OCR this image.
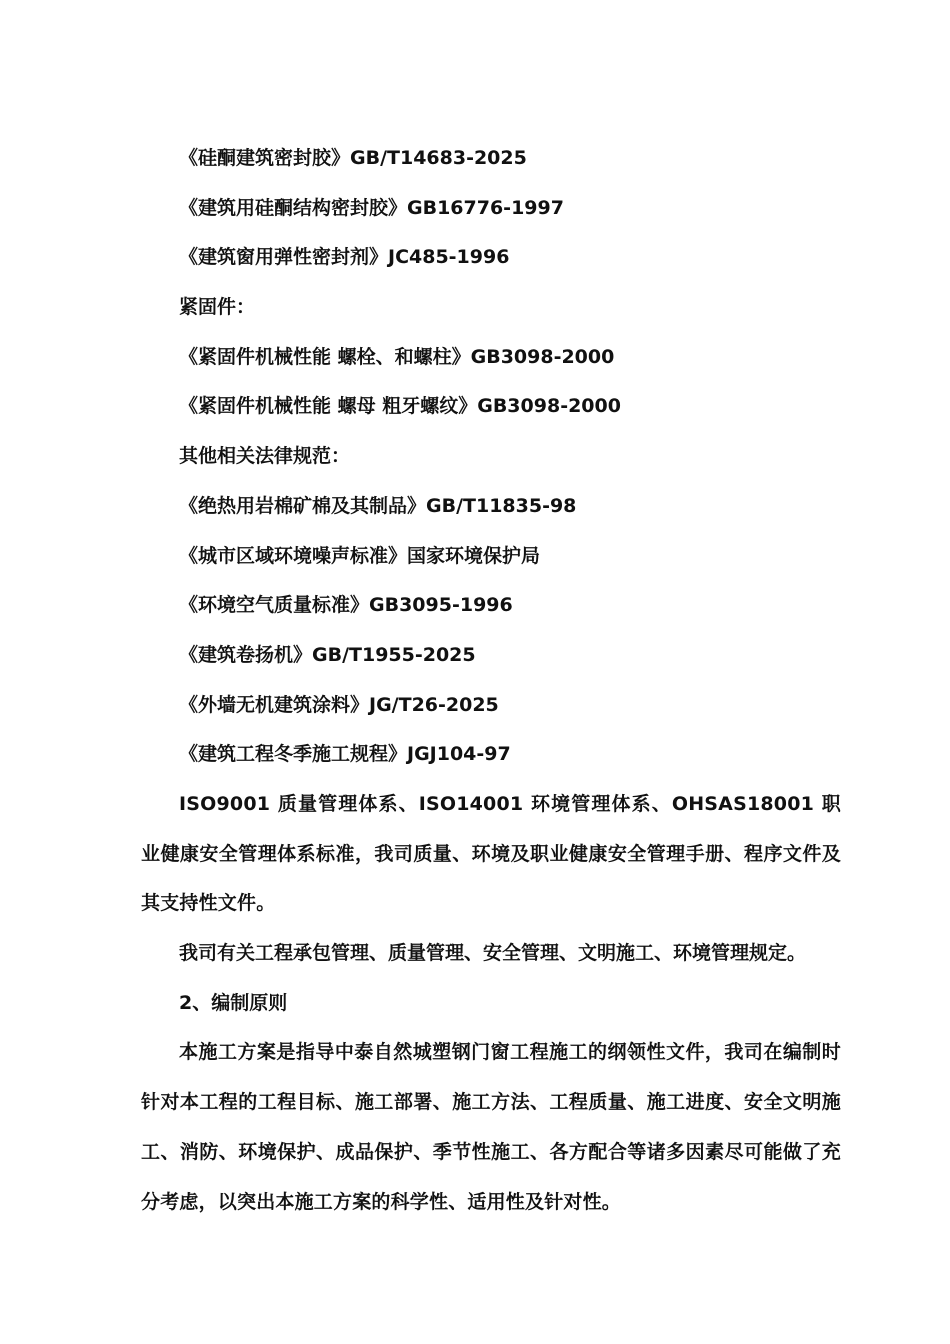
《硅酮建筑密封胶》GB/T14683-2025
《建筑用硅酮结构密封胶》GB16776-1997
《建筑窗用弹性密封剂》JC485-1996
紧固件：
《紧固件机械性能 螺栓、和螺柱》GB3098-2000
《紧固件机械性能 螺母 粗牙螺纹》GB3098-2000
其他相关法律规范：
《绝热用岩棉矿棉及其制品》GB/T11835-98
《城市区域环境噪声标准》国家环境保护局
《环境空气质量标准》GB3095-1996
《建筑卷扬机》GB/T1955-2025
《外墙无机建筑涂料》JG/T26-2025
《建筑工程冬季施工规程》JGJ104-97
ISO9001 质量管理体系、ISO14001 环境管理体系、OHSAS18001 职业健康安全管理体系标准，我司质量、环境及职业健康安全管理手册、程序文件及其支持性文件。
我司有关工程承包管理、质量管理、安全管理、文明施工、环境管理规定。
2、编制原则
本施工方案是指导中泰自然城塑钢门窗工程施工的纲领性文件，我司在编制时针对本工程的工程目标、施工部署、施工方法、工程质量、施工进度、安全文明施工、消防、环境保护、成品保护、季节性施工、各方配合等诸多因素尽可能做了充分考虑，以突出本施工方案的科学性、适用性及针对性。
